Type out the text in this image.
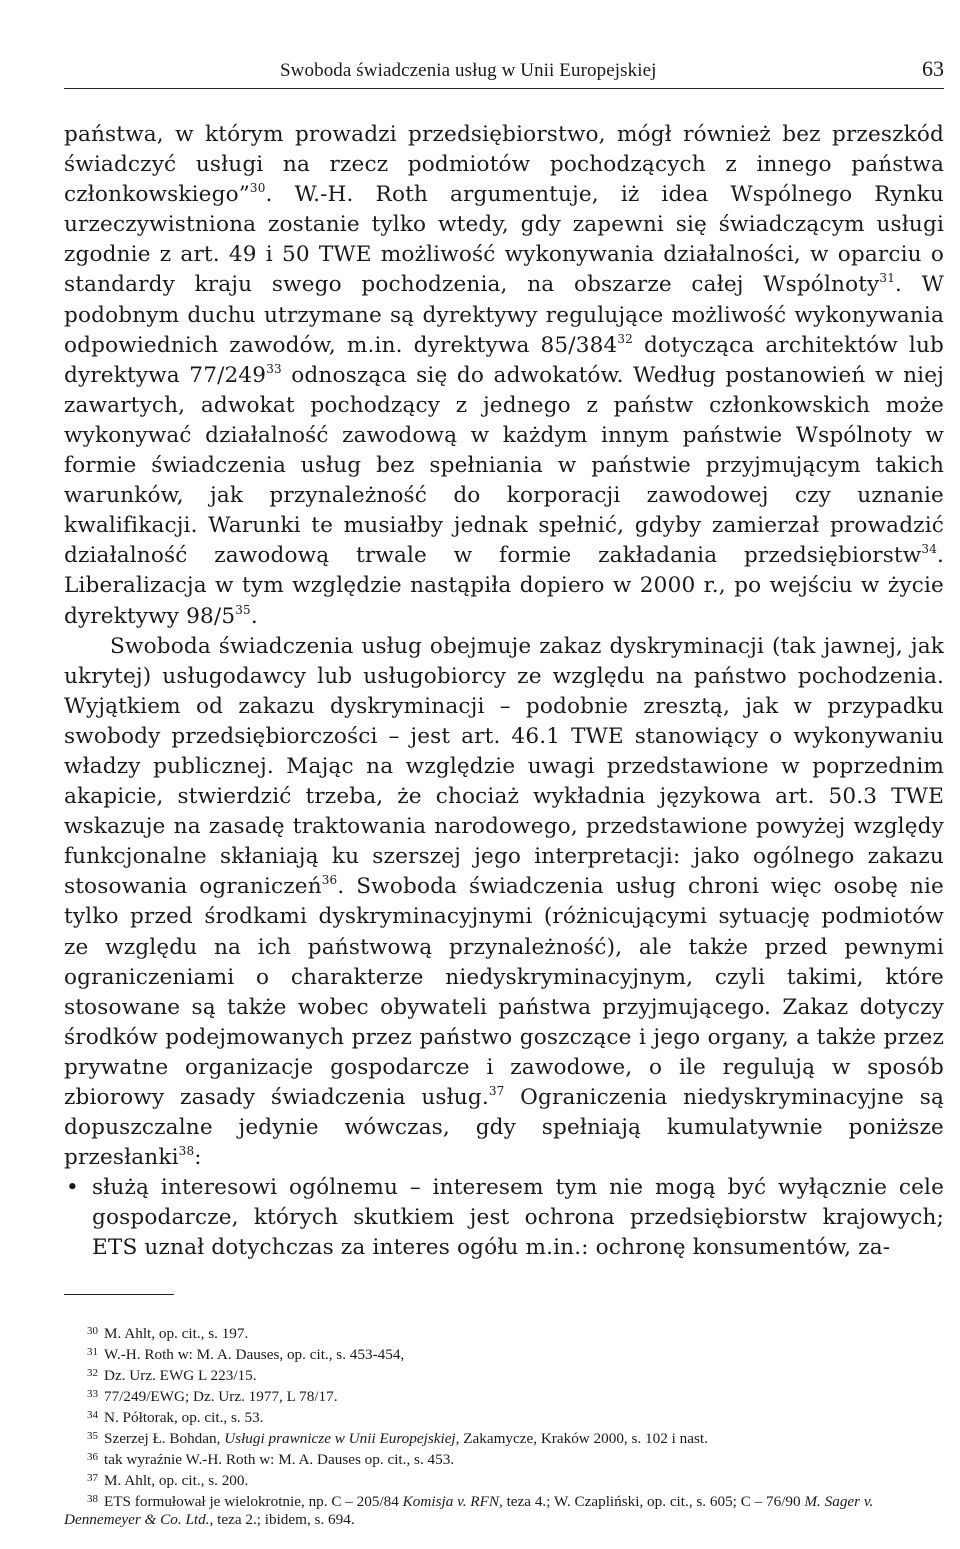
Swoboda świadczenia usług w Unii Europejskiej	63

państwa, w którym prowadzi przedsiębiorstwo, mógł również bez przeszkód świadczyć usługi na rzecz podmiotów pochodzących z innego państwa członkowskiego”$^{30}$. W.-H. Roth argumentuje, iż idea Wspólnego Rynku urzeczywistniona zostanie tylko wtedy, gdy zapewni się świadczącym usługi zgodnie z art. 49 i 50 TWE możliwość wykonywania działalności, w oparciu o standardy kraju swego pochodzenia, na obszarze całej Wspólnoty$^{31}$. W podobnym duchu utrzymane są dyrektywy regulujące możliwość wykonywania odpowiednich zawodów, m.in. dyrektywa $85/384^{32}$ dotycząca architektów lub dyrektywa $77/249^{33}$ odnosząca się do adwokatów. Według postanowień w niej zawartych, adwokat pochodzący z jednego z państw członkowskich może wykonywać działalność zawodową w każdym innym państwie Wspólnoty w formie świadczenia usług bez spełniania w państwie przyjmującym takich warunków, jak przynależność do korporacji zawodowej czy uznanie kwalifikacji. Warunki te musiałby jednak spełnić, gdyby zamierzał prowadzić działalność zawodową trwale w formie zakładania przedsiębiorstw$^{34}$. Liberalizacja w tym względzie nastąpiła dopiero w 2000 r., po wejściu w życie dyrektywy $98/5^{35}$.

Swoboda świadczenia usług obejmuje zakaz dyskryminacji (tak jawnej, jak ukrytej) usługodawcy lub usługobiorcy ze względu na państwo pochodzenia. Wyjątkiem od zakazu dyskryminacji – podobnie zresztą, jak w przypadku swobody przedsiębiorczości – jest art. 46.1 TWE stanowiący o wykonywaniu władzy publicznej. Mając na względzie uwagi przedstawione w poprzednim akapicie, stwierdzić trzeba, że chociaż wykładnia językowa art. 50.3 TWE wskazuje na zasadę traktowania narodowego, przedstawione powyżej względy funkcjonalne skłaniają ku szerszej jego interpretacji: jako ogólnego zakazu stosowania ograniczeń$^{36}$. Swoboda świadczenia usług chroni więc osobę nie tylko przed środkami dyskryminacyjnymi (różnicującymi sytuację podmiotów ze względu na ich państwową przynależność), ale także przed pewnymi ograniczeniami o charakterze niedyskryminacyjnym, czyli takimi, które stosowane są także wobec obywateli państwa przyjmującego. Zakaz dotyczy środków podejmowanych przez państwo goszczące i jego organy, a także przez prywatne organizacje gospodarcze i zawodowe, o ile regulują w sposób zbiorowy zasady świadczenia usług.$^{37}$ Ograniczenia niedyskryminacyjne są dopuszczalne jedynie wówczas, gdy spełniają kumulatywnie poniższe przesłanki$^{38}$:

• służą interesowi ogólnemu – interesem tym nie mogą być wyłącznie cele gospodarcze, których skutkiem jest ochrona przedsiębiorstw krajowych; ETS uznał dotychczas za interes ogółu m.in.: ochronę konsumentów, za-

30 M. Ahlt, op. cit., s. 197.

31 W.-H. Roth w: M. A. Dauses, op. cit., s. 453-454,

32 Dz. Urz. EWG L 223/15.

33 77/249/EWG; Dz. Urz. 1977, L 78/17.

34 N. Półtorak, op. cit., s. 53.

35 Szerzej Ł. Bohdan, Usługi prawnicze w Unii Europejskiej, Zakamycze, Kraków 2000, s. 102 i nast.

36 tak wyraźnie W.-H. Roth w: M. A. Dauses op. cit., s. 453.

37 M. Ahlt, op. cit., s. 200.

38 ETS formułował je wielokrotnie, np. C – 205/84 Komisja v. RFN, teza 4.; W. Czapliński, op. cit., s. 605; C – 76/90 M. Sager v. Dennemeyer & Co. Ltd., teza 2.; ibidem, s. 694.
